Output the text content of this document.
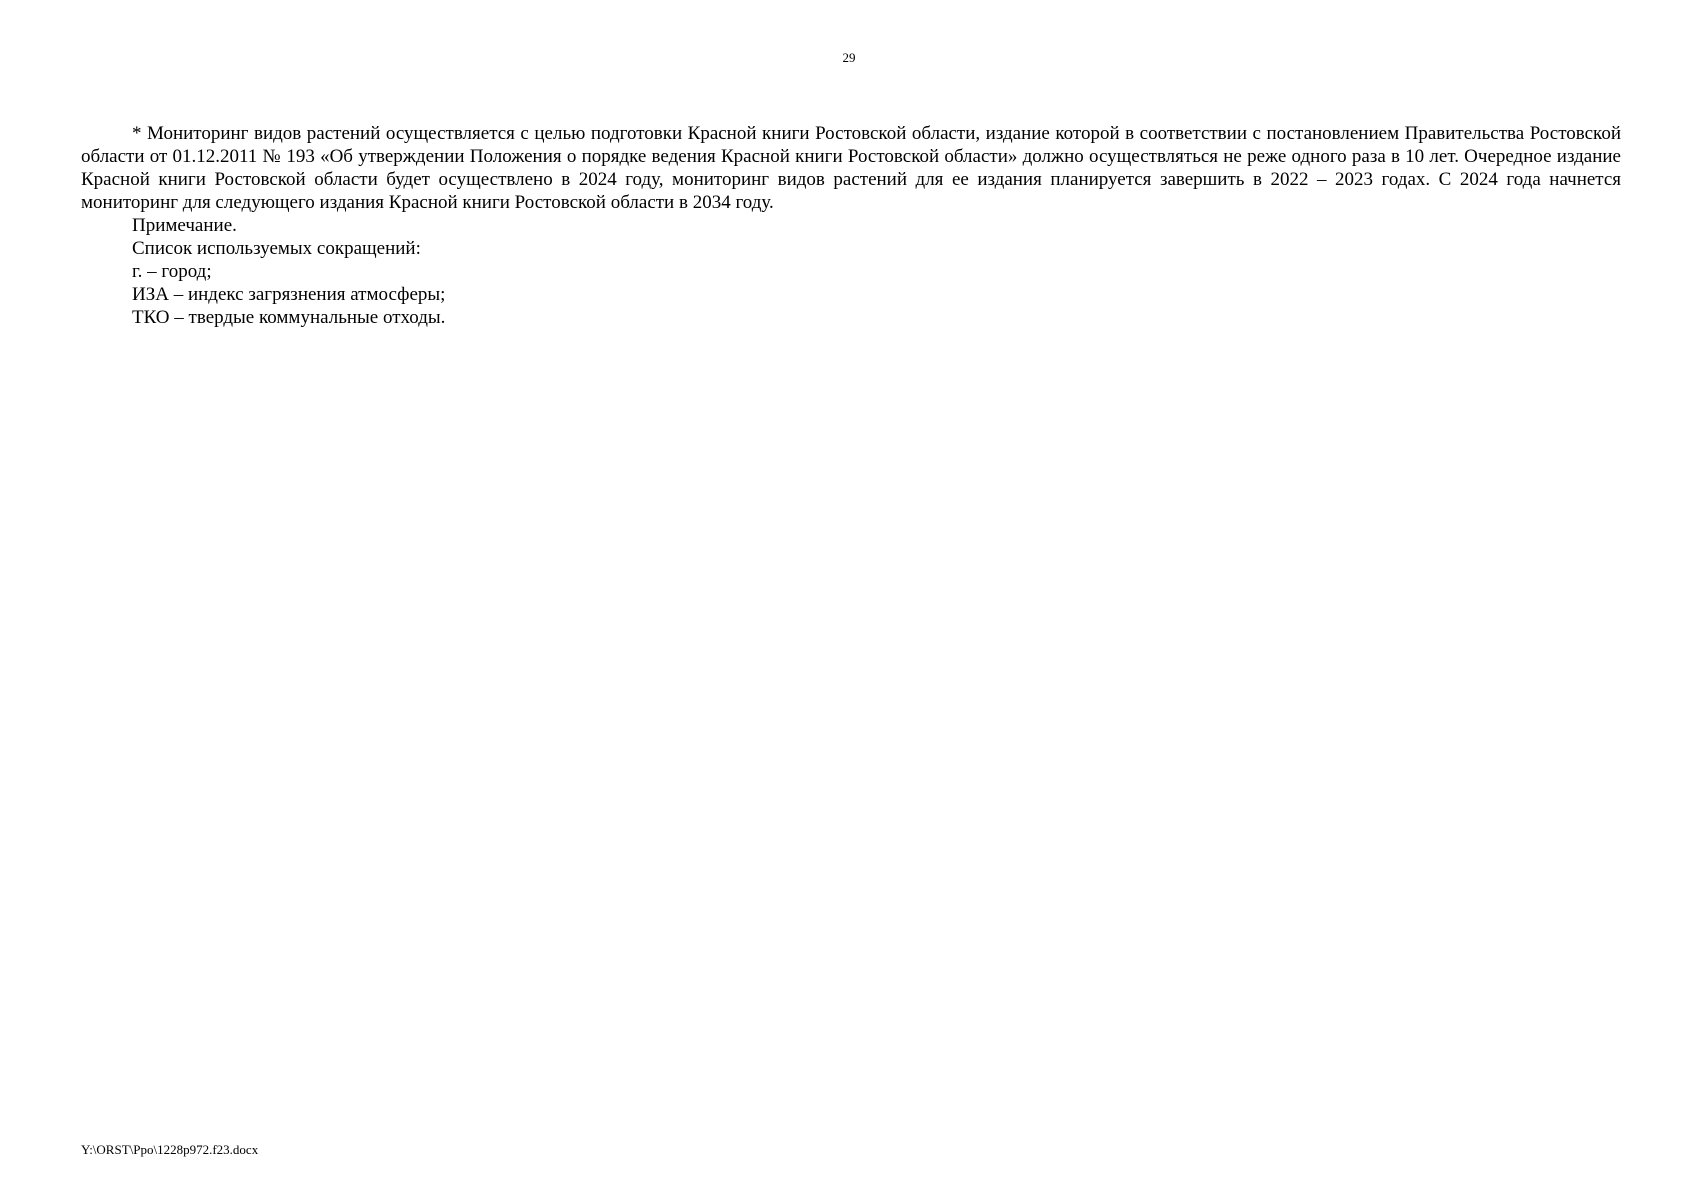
29

* Мониторинг видов растений осуществляется с целью подготовки Красной книги Ростовской области, издание которой в соответствии с постановлением Правительства Ростовской области от 01.12.2011 № 193 «Об утверждении Положения о порядке ведения Красной книги Ростовской области» должно осуществляться не реже одного раза в 10 лет. Очередное издание Красной книги Ростовской области будет осуществлено в 2024 году, мониторинг видов растений для ее издания планируется завершить в 2022 – 2023 годах. С 2024 года начнется мониторинг для следующего издания Красной книги Ростовской области в 2034 году.

Примечание.

Список используемых сокращений:

г. – город;

ИЗА – индекс загрязнения атмосферы;

ТКО – твердые коммунальные отходы.

Y:\ORST\Ppo\1228p972.f23.docx
